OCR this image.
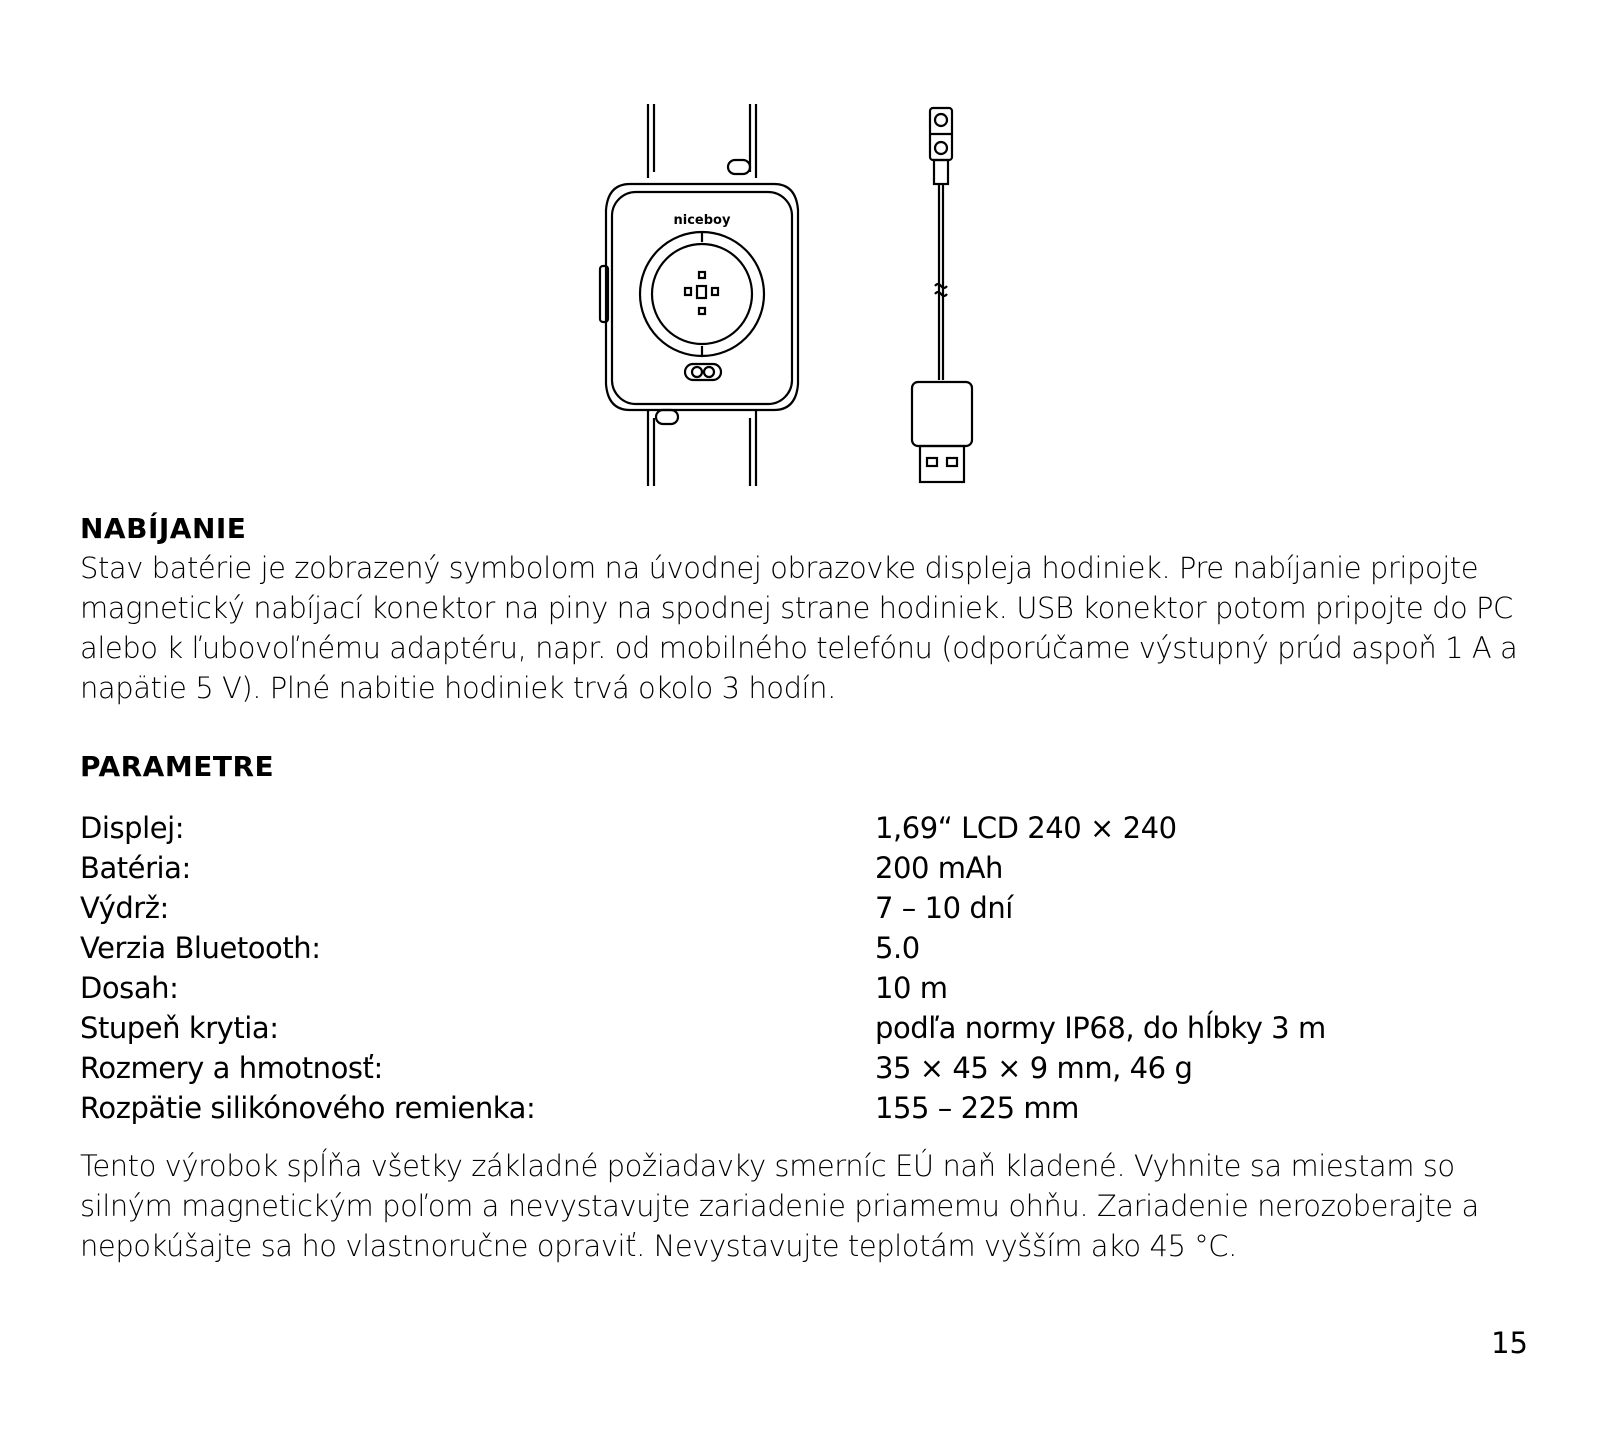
niceboy
NABÍJANIE

Stav batérie je zobrazený symbolom na úvodnej obrazovke displeja hodiniek. Pre nabíjanie pripojte magnetický nabíjací konektor na piny na spodnej strane hodiniek. USB konektor potom pripojte do PC alebo k ľubovoľnému adaptéru, napr. od mobilného telefónu (odporúčame výstupný prúd aspoň 1 A a napätie 5 V). Plné nabitie hodiniek trvá okolo 3 hodín.

PARAMETRE
Displej:	1,69“ LCD 240 × 240
Batéria:	200 mAh
Výdrž:	7 – 10 dní
Verzia Bluetooth:	5.0
Dosah:	10 m
Stupeň krytia:	podľa normy IP68, do hĺbky 3 m
Rozmery a hmotnosť:	35 × 45 × 9 mm, 46 g
Rozpätie silikónového remienka:	155 – 225 mm

Tento výrobok spĺňa všetky základné požiadavky smerníc EÚ naň kladené. Vyhnite sa miestam so silným magnetickým poľom a nevystavujte zariadenie priamemu ohňu. Zariadenie nerozoberajte a nepokúšajte sa ho vlastnoručne opraviť. Nevystavujte teplotám vyšším ako 45 °C.

15
